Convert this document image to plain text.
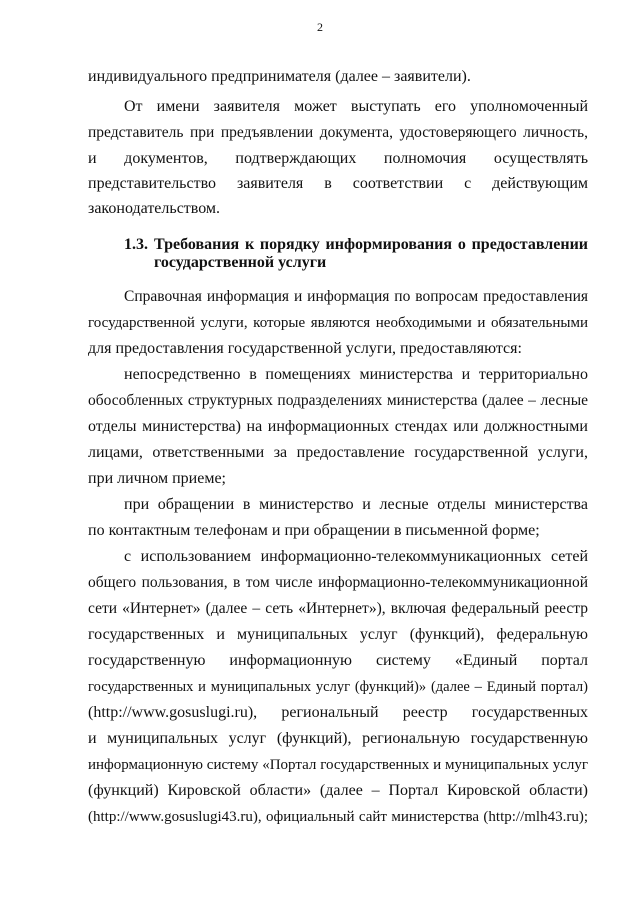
2
индивидуального предпринимателя (далее – заявители).
От имени заявителя может выступать его уполномоченный
представитель при предъявлении документа, удостоверяющего личность,
и документов, подтверждающих полномочия осуществлять
представительство заявителя в соответствии с действующим
законодательством.
1.3. Требования к порядку информирования о предоставлении
государственной услуги
Справочная информация и информация по вопросам предоставления
государственной услуги, которые являются необходимыми и обязательными
для предоставления государственной услуги, предоставляются:
непосредственно в помещениях министерства и территориально
обособленных структурных подразделениях министерства (далее – лесные
отделы министерства) на информационных стендах или должностными
лицами, ответственными за предоставление государственной услуги,
при личном приеме;
при обращении в министерство и лесные отделы министерства
по контактным телефонам и при обращении в письменной форме;
с использованием информационно-телекоммуникационных сетей
общего пользования, в том числе информационно-телекоммуникационной
сети «Интернет» (далее – сеть «Интернет»), включая федеральный реестр
государственных и муниципальных услуг (функций), федеральную
государственную информационную систему «Единый портал
государственных и муниципальных услуг (функций)» (далее – Единый портал)
(http://www.gosuslugi.ru), региональный реестр государственных
и муниципальных услуг (функций), региональную государственную
информационную систему «Портал государственных и муниципальных услуг
(функций) Кировской области» (далее – Портал Кировской области)
(http://www.gosuslugi43.ru), официальный сайт министерства (http://mlh43.ru);
